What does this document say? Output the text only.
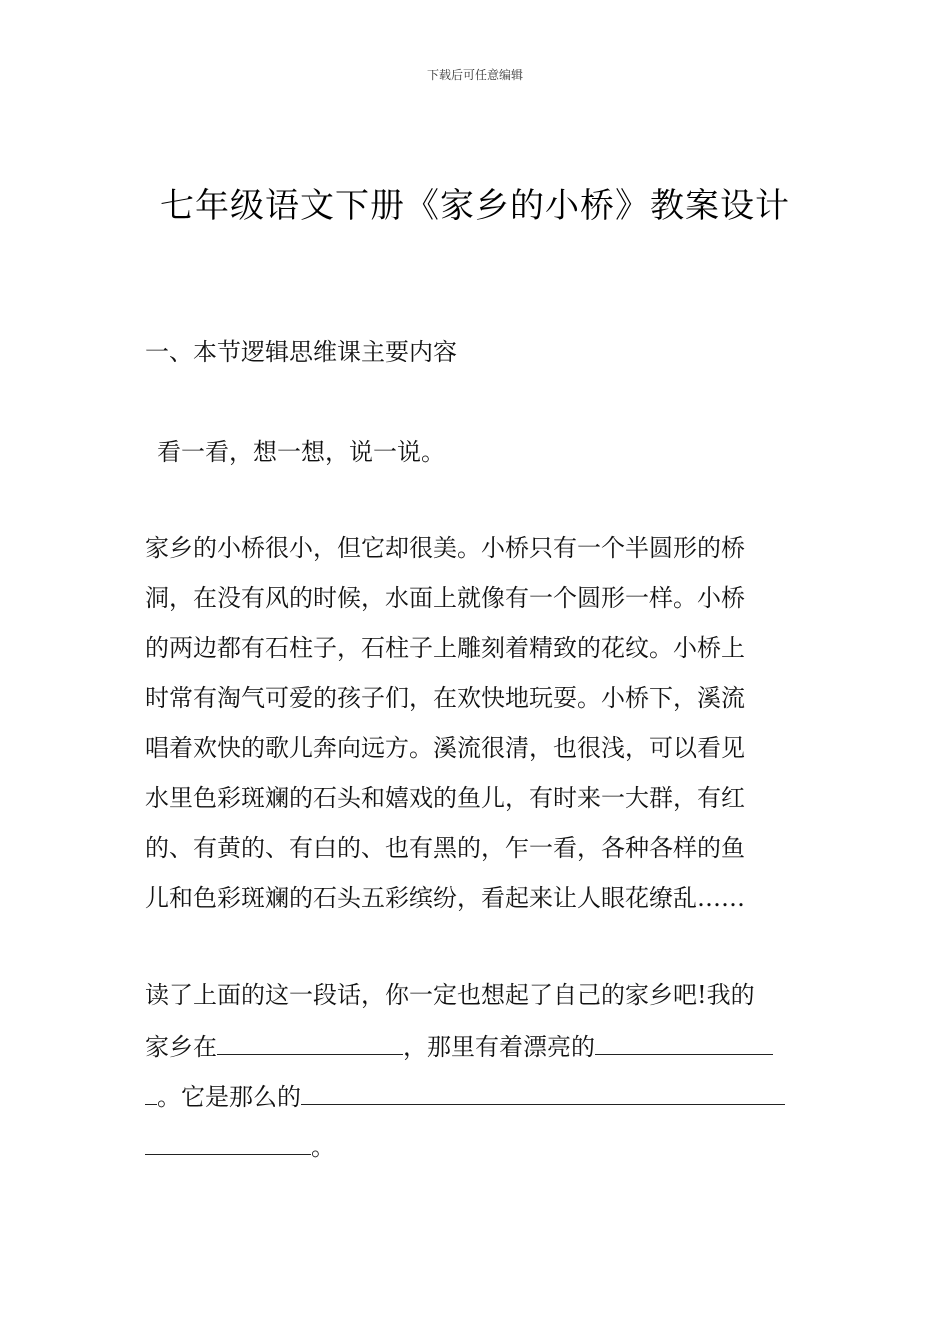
下载后可任意编辑
七年级语文下册《家乡的小桥》教案设计
一、本节逻辑思维课主要内容
看一看，想一想，说一说。
家乡的小桥很小，但它却很美。小桥只有一个半圆形的桥
洞，在没有风的时候，水面上就像有一个圆形一样。小桥
的两边都有石柱子，石柱子上雕刻着精致的花纹。小桥上
时常有淘气可爱的孩子们，在欢快地玩耍。小桥下，溪流
唱着欢快的歌儿奔向远方。溪流很清，也很浅，可以看见
水里色彩斑斓的石头和嬉戏的鱼儿，有时来一大群，有红
的、有黄的、有白的、也有黑的，乍一看，各种各样的鱼
儿和色彩斑斓的石头五彩缤纷，看起来让人眼花缭乱……
读了上面的这一段话，你一定也想起了自己的家乡吧!我的
家乡在	，那里有着漂亮的
。它是那么的
。
